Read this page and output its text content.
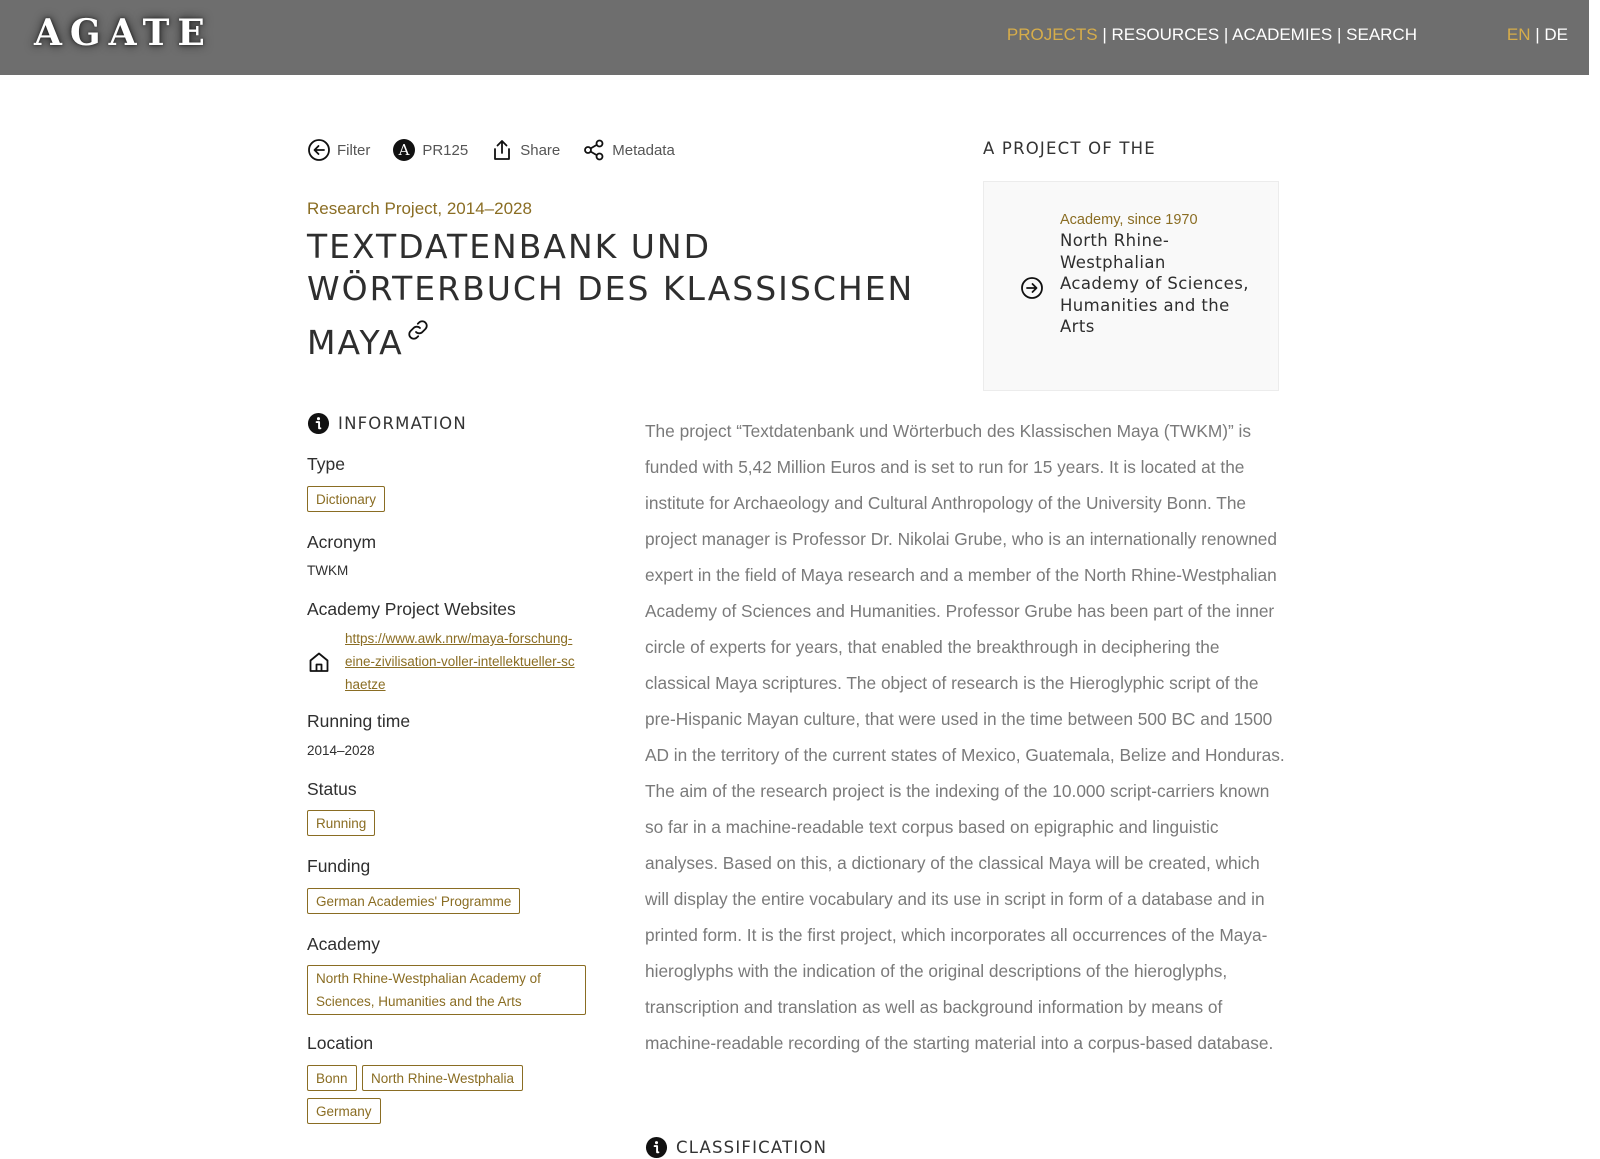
AGATE	PROJECTS | RESOURCES | ACADEMIES | SEARCH	EN | DE
Filter A PR125	Share	Metadata
Research Project, 2014–2028
TEXTDATENBANK UND WÖRTERBUCH DES KLASSISCHEN MAYA
A PROJECT OF THE
Academy, since 1970
North Rhine-Westphalian Academy of Sciences, Humanities and the Arts
INFORMATION
Type
Dictionary
Acronym
TWKM
Academy Project Websites
https://www.awk.nrw/maya-forschung-eine-zivilisation-voller-intellektueller-schaetze
Running time
2014–2028
Status
Running
Funding
German Academies' Programme
Academy
North Rhine-Westphalian Academy of Sciences, Humanities and the Arts
Location
Bonn	North Rhine-Westphalia
Germany

The project “Textdatenbank und Wörterbuch des Klassischen Maya (TWKM)” is funded with 5,42 Million Euros and is set to run for 15 years. It is located at the institute for Archaeology and Cultural Anthropology of the University Bonn. The project manager is Professor Dr. Nikolai Grube, who is an internationally renowned expert in the field of Maya research and a member of the North Rhine-Westphalian Academy of Sciences and Humanities. Professor Grube has been part of the inner circle of experts for years, that enabled the breakthrough in deciphering the classical Maya scriptures. The object of research is the Hieroglyphic script of the pre-Hispanic Mayan culture, that were used in the time between 500 BC and 1500 AD in the territory of the current states of Mexico, Guatemala, Belize and Honduras. The aim of the research project is the indexing of the 10.000 script-carriers known so far in a machine-readable text corpus based on epigraphic and linguistic analyses. Based on this, a dictionary of the classical Maya will be created, which will display the entire vocabulary and its use in script in form of a database and in printed form. It is the first project, which incorporates all occurrences of the Maya-hieroglyphs with the indication of the original descriptions of the hieroglyphs, transcription and translation as well as background information by means of machine-readable recording of the starting material into a corpus-based database.

CLASSIFICATION
